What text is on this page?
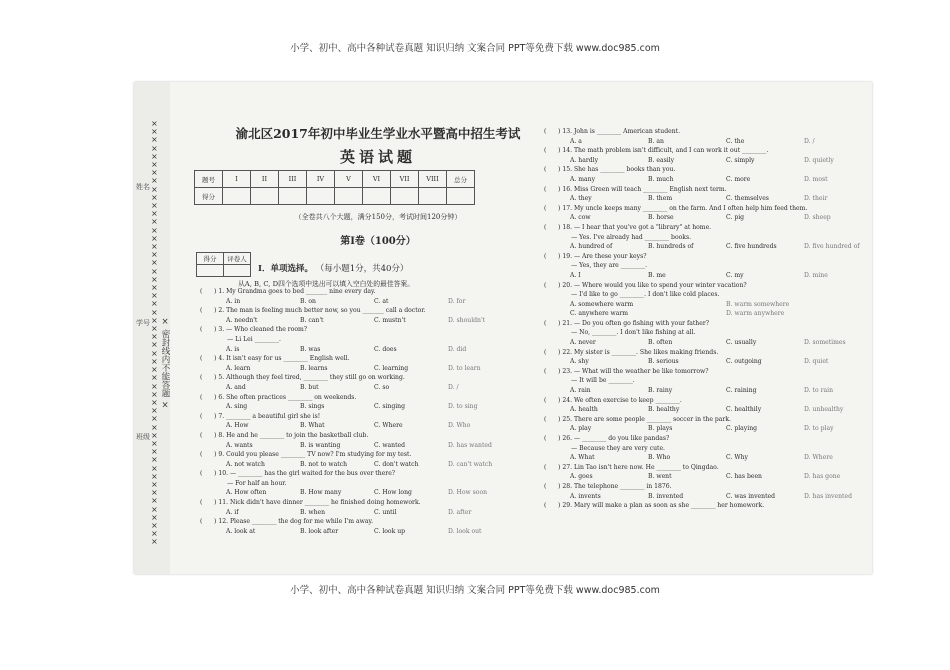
小学、初中、高中各种试卷真题 知识归纳 文案合同 PPT等免费下载 www.doc985.com
××××××××××××××××××××××××××××××××××××××××××××××××××××
× 密封线内不能答题 ×
姓名
学号
班级
渝北区2017年初中毕业生学业水平暨高中招生考试
英语试题
题号	I	II	III	IV	V	VI	VII	VIII	总分
得分									
（全卷共八个大题，满分150分，考试时间120分钟）
第I卷（100分）
得分	评卷人

I．单项选择。 （每小题1分，共40分）
从A, B, C, D四个选项中选出可以填入空白处的最佳答案。
(      ) 1. My Grandma goes to bed _______ nine every day.
A. in	B. on	C. at	D. for
(      ) 2. The man is feeling much better now, so you _______ call a doctor.
A. needn't	B. can't	C. mustn't	D. shouldn't
(      ) 3. — Who cleaned the room?
— Li Lei ________.
A. is	B. was	C. does	D. did
(      ) 4. It isn't easy for us ________ English well.
A. learn	B. learns	C. learning	D. to learn
(      ) 5. Although they feel tired, ________ they still go on working.
A. and	B. but	C. so	D. /
(      ) 6. She often practices ________ on weekends.
A. sing	B. sings	C. singing	D. to sing
(      ) 7. ________ a beautiful girl she is!
A. How	B. What	C. Where	D. Who
(      ) 8. He and he ________ to join the basketball club.
A. wants	B. is wanting	C. wanted	D. has wanted
(      ) 9. Could you please ________ TV now? I'm studying for my test.
A. not watch	B. not to watch	C. don't watch	D. can't watch
(      ) 10. — ________ has the girl waited for the bus over there?
— For half an hour.
A. How often	B. How many	C. How long	D. How soon
(      ) 11. Nick didn't have dinner ________ he finished doing homework.
A. if	B. when	C. until	D. after
(      ) 12. Please ________ the dog for me while I'm away.
A. look at	B. look after	C. look up	D. look out
(      ) 13. John is ________ American student.
A. a	B. an	C. the	D. /
(      ) 14. The math problem isn't difficult, and I can work it out ________.
A. hardly	B. easily	C. simply	D. quietly
(      ) 15. She has ________ books than you.
A. many	B. much	C. more	D. most
(      ) 16. Miss Green will teach ________ English next term.
A. they	B. them	C. themselves	D. their
(      ) 17. My uncle keeps many ________ on the farm. And I often help him feed them.
A. cow	B. horse	C. pig	D. sheep
(      ) 18. — I hear that you've got a "library" at home.
— Yes. I've already had ________ books.
A. hundred of	B. hundreds of	C. five hundreds	D. five hundred of
(      ) 19. — Are these your keys?
— Yes, they are ________.
A. I	B. me	C. my	D. mine
(      ) 20. — Where would you like to spend your winter vacation?
— I'd like to go ________. I don't like cold places.
A. somewhere warm	B. warm somewhere
C. anywhere warm	D. warm anywhere
(      ) 21. — Do you often go fishing with your father?
— No, ________. I don't like fishing at all.
A. never	B. often	C. usually	D. sometimes
(      ) 22. My sister is ________. She likes making friends.
A. shy	B. serious	C. outgoing	D. quiet
(      ) 23. — What will the weather be like tomorrow?
— It will be ________.
A. rain	B. rainy	C. raining	D. to rain
(      ) 24. We often exercise to keep ________.
A. health	B. healthy	C. healthily	D. unhealthy
(      ) 25. There are some people ________ soccer in the park.
A. play	B. plays	C. playing	D. to play
(      ) 26. — ________ do you like pandas?
— Because they are very cute.
A. What	B. Who	C. Why	D. Where
(      ) 27. Lin Tao isn't here now. He ________ to Qingdao.
A. goes	B. went	C. has been	D. has gone
(      ) 28. The telephone ________ in 1876.
A. invents	B. invented	C. was invented	D. has invented
(      ) 29. Mary will make a plan as soon as she ________ her homework.
小学、初中、高中各种试卷真题 知识归纳 文案合同 PPT等免费下载 www.doc985.com
